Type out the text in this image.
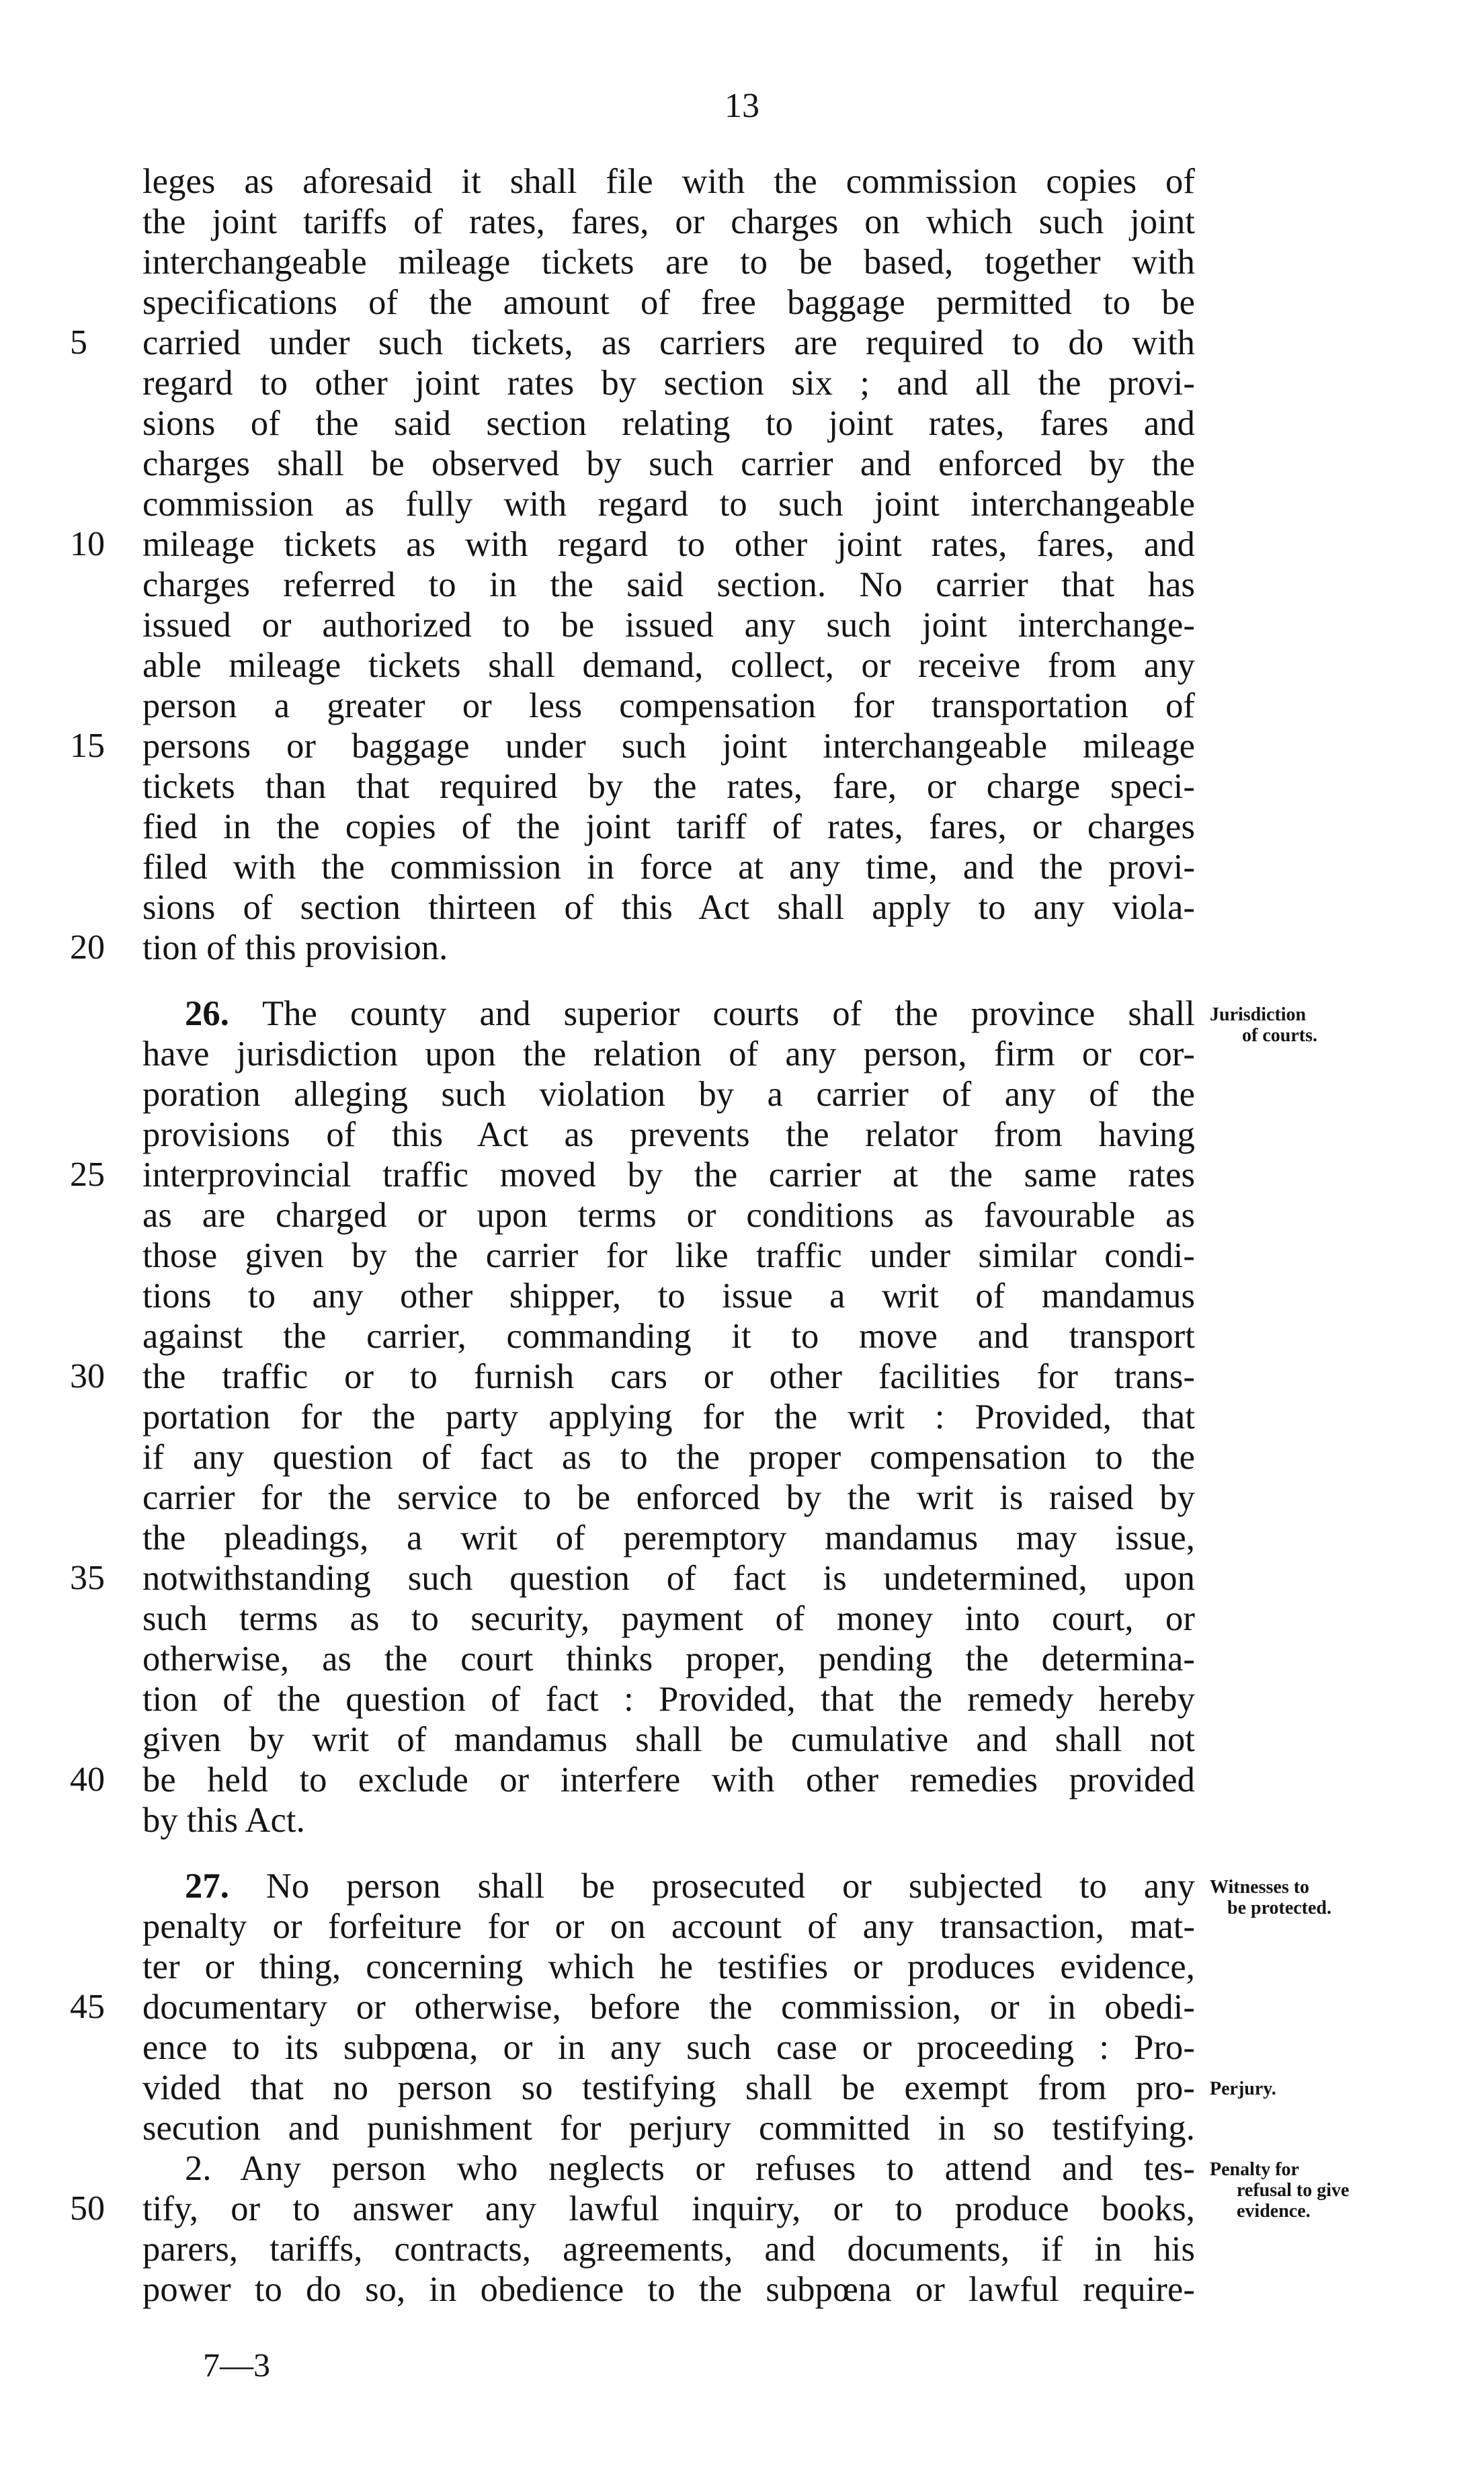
13
leges as aforesaid it shall file with the commission copies of
the joint tariffs of rates, fares, or charges on which such joint
interchangeable mileage tickets are to be based, together with
specifications of the amount of free baggage permitted to be
carried under such tickets, as carriers are required to do with
regard to other joint rates by section six ; and all the provi-
sions of the said section relating to joint rates, fares and
charges shall be observed by such carrier and enforced by the
commission as fully with regard to such joint interchangeable
mileage tickets as with regard to other joint rates, fares, and
charges referred to in the said section. No carrier that has
issued or authorized to be issued any such joint interchange-
able mileage tickets shall demand, collect, or receive from any
person a greater or less compensation for transportation of
persons or baggage under such joint interchangeable mileage
tickets than that required by the rates, fare, or charge speci-
fied in the copies of the joint tariff of rates, fares, or charges
filed with the commission in force at any time, and the provi-
sions of section thirteen of this Act shall apply to any viola-
tion of this provision.
26. The county and superior courts of the province shall
have jurisdiction upon the relation of any person, firm or cor-
poration alleging such violation by a carrier of any of the
provisions of this Act as prevents the relator from having
interprovincial traffic moved by the carrier at the same rates
as are charged or upon terms or conditions as favourable as
those given by the carrier for like traffic under similar condi-
tions to any other shipper, to issue a writ of mandamus
against the carrier, commanding it to move and transport
the traffic or to furnish cars or other facilities for trans-
portation for the party applying for the writ : Provided, that
if any question of fact as to the proper compensation to the
carrier for the service to be enforced by the writ is raised by
the pleadings, a writ of peremptory mandamus may issue,
notwithstanding such question of fact is undetermined, upon
such terms as to security, payment of money into court, or
otherwise, as the court thinks proper, pending the determina-
tion of the question of fact : Provided, that the remedy hereby
given by writ of mandamus shall be cumulative and shall not
be held to exclude or interfere with other remedies provided
by this Act.
27. No person shall be prosecuted or subjected to any
penalty or forfeiture for or on account of any transaction, mat-
ter or thing, concerning which he testifies or produces evidence,
documentary or otherwise, before the commission, or in obedi-
ence to its subpœna, or in any such case or proceeding : Pro-
vided that no person so testifying shall be exempt from pro-
secution and punishment for perjury committed in so testifying.
2. Any person who neglects or refuses to attend and tes-
tify, or to answer any lawful inquiry, or to produce books,
parers, tariffs, contracts, agreements, and documents, if in his
power to do so, in obedience to the subpœna or lawful require-
5
10
15
20
25
30
35
40
45
50
Jurisdiction
of courts.
Witnesses to
be protected.
Perjury.
Penalty for
refusal to give
evidence.
7—3
